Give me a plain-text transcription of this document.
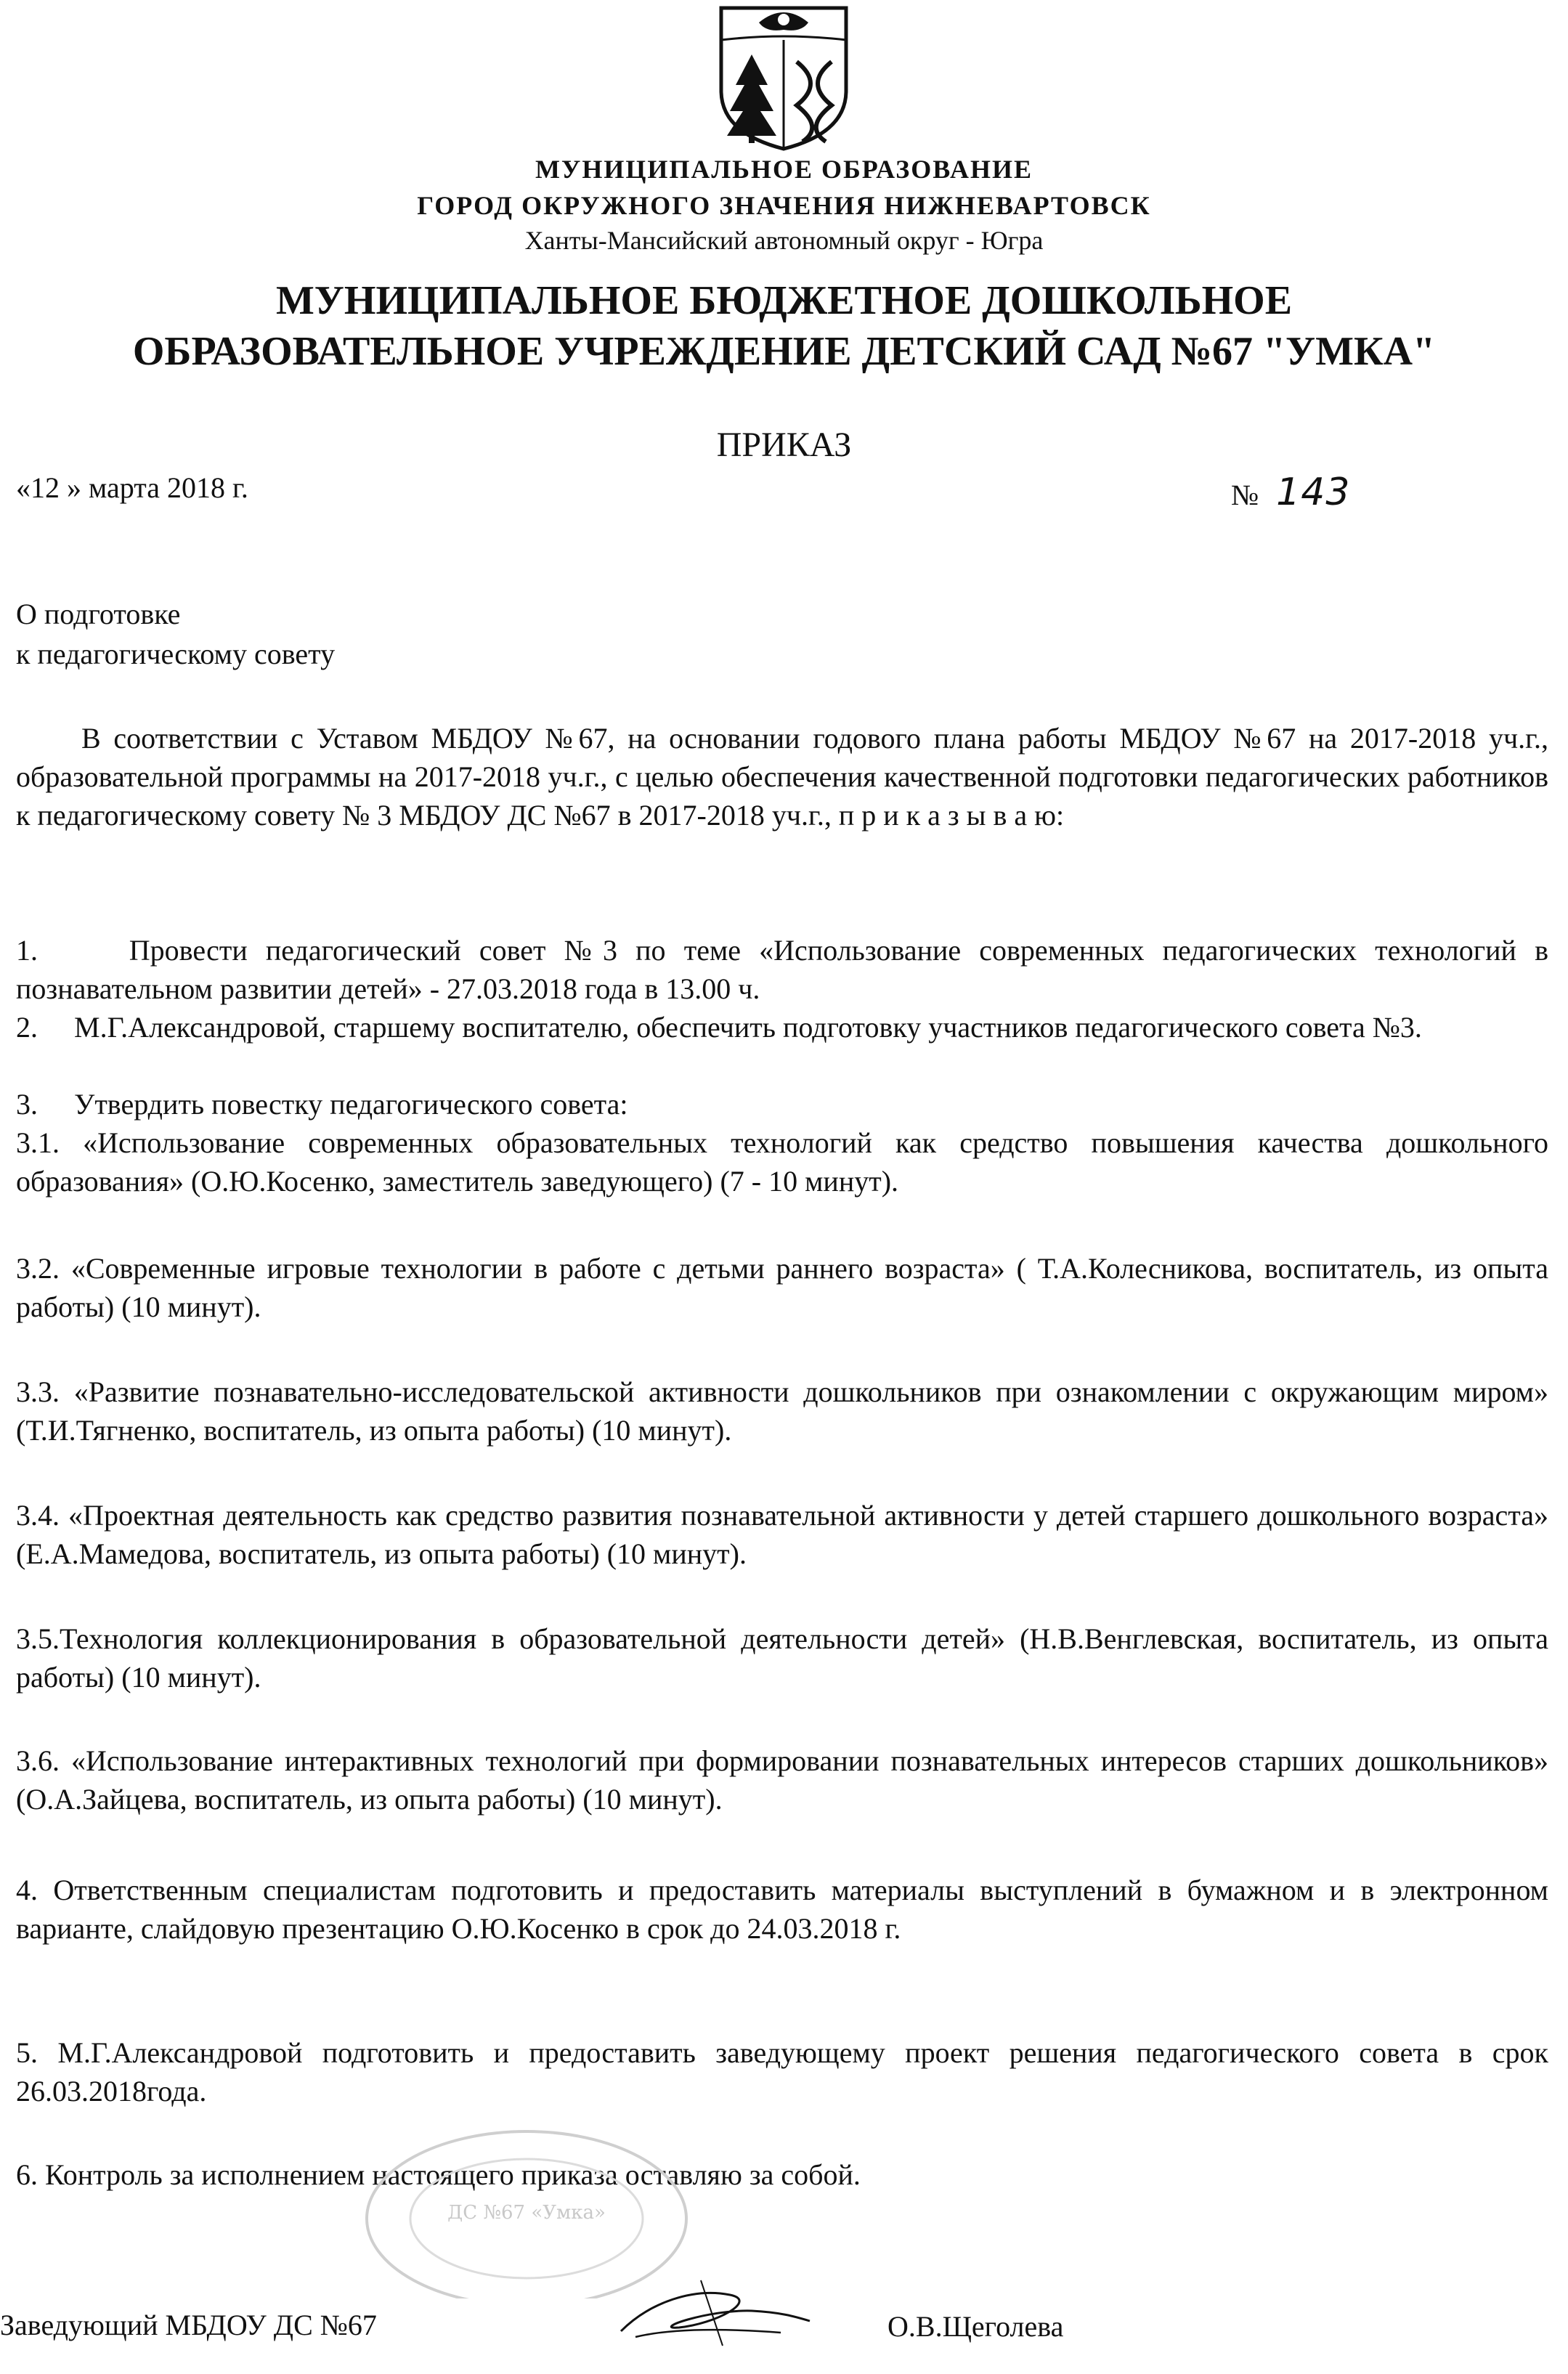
МУНИЦИПАЛЬНОЕ ОБРАЗОВАНИЕ
ГОРОД ОКРУЖНОГО ЗНАЧЕНИЯ НИЖНЕВАРТОВСК
Ханты-Мансийский автономный округ - Югра
МУНИЦИПАЛЬНОЕ БЮДЖЕТНОЕ ДОШКОЛЬНОЕ
ОБРАЗОВАТЕЛЬНОЕ УЧРЕЖДЕНИЕ ДЕТСКИЙ САД №67 "УМКА"
ПРИКАЗ
«12 » марта 2018 г.	№ 143
О подготовке
к педагогическому совету
В соответствии с Уставом МБДОУ №67, на основании годового плана работы МБДОУ №67 на 2017-2018 уч.г., образовательной программы на 2017-2018 уч.г., с целью обеспечения качественной подготовки педагогических работников к педагогическому совету № 3 МБДОУ ДС №67 в 2017-2018 уч.г., п р и к а з ы в а ю:
1.     Провести педагогический совет №3 по теме «Использование современных педагогических технологий в познавательном развитии детей» - 27.03.2018 года в 13.00 ч.
2.     М.Г.Александровой, старшему воспитателю, обеспечить подготовку участников педагогического совета №3.
3.     Утвердить повестку педагогического совета:
3.1. «Использование современных образовательных технологий как средство повышения качества дошкольного образования» (О.Ю.Косенко, заместитель заведующего) (7 - 10 минут).
3.2. «Современные игровые технологии в работе с детьми раннего возраста» ( Т.А.Колесникова, воспитатель, из опыта работы) (10 минут).
3.3. «Развитие познавательно-исследовательской активности дошкольников при ознакомлении с окружающим миром» (Т.И.Тягненко, воспитатель, из опыта работы) (10 минут).
3.4. «Проектная деятельность как средство развития познавательной активности у детей старшего дошкольного возраста» (Е.А.Мамедова, воспитатель, из опыта работы) (10 минут).
3.5.Технология коллекционирования в образовательной деятельности детей» (Н.В.Венглевская, воспитатель, из опыта работы) (10 минут).
3.6. «Использование интерактивных технологий при формировании познавательных интересов старших дошкольников» (О.А.Зайцева, воспитатель, из опыта работы) (10 минут).
4. Ответственным специалистам подготовить и предоставить материалы выступлений в бумажном и в электронном варианте, слайдовую презентацию О.Ю.Косенко в срок до 24.03.2018 г.
5. М.Г.Александровой подготовить и предоставить заведующему проект решения педагогического совета в срок 26.03.2018года.
6. Контроль за исполнением настоящего приказа оставляю за собой.
ДС №67 «Умка»
Заведующий МБДОУ ДС №67	О.В.Щеголева
